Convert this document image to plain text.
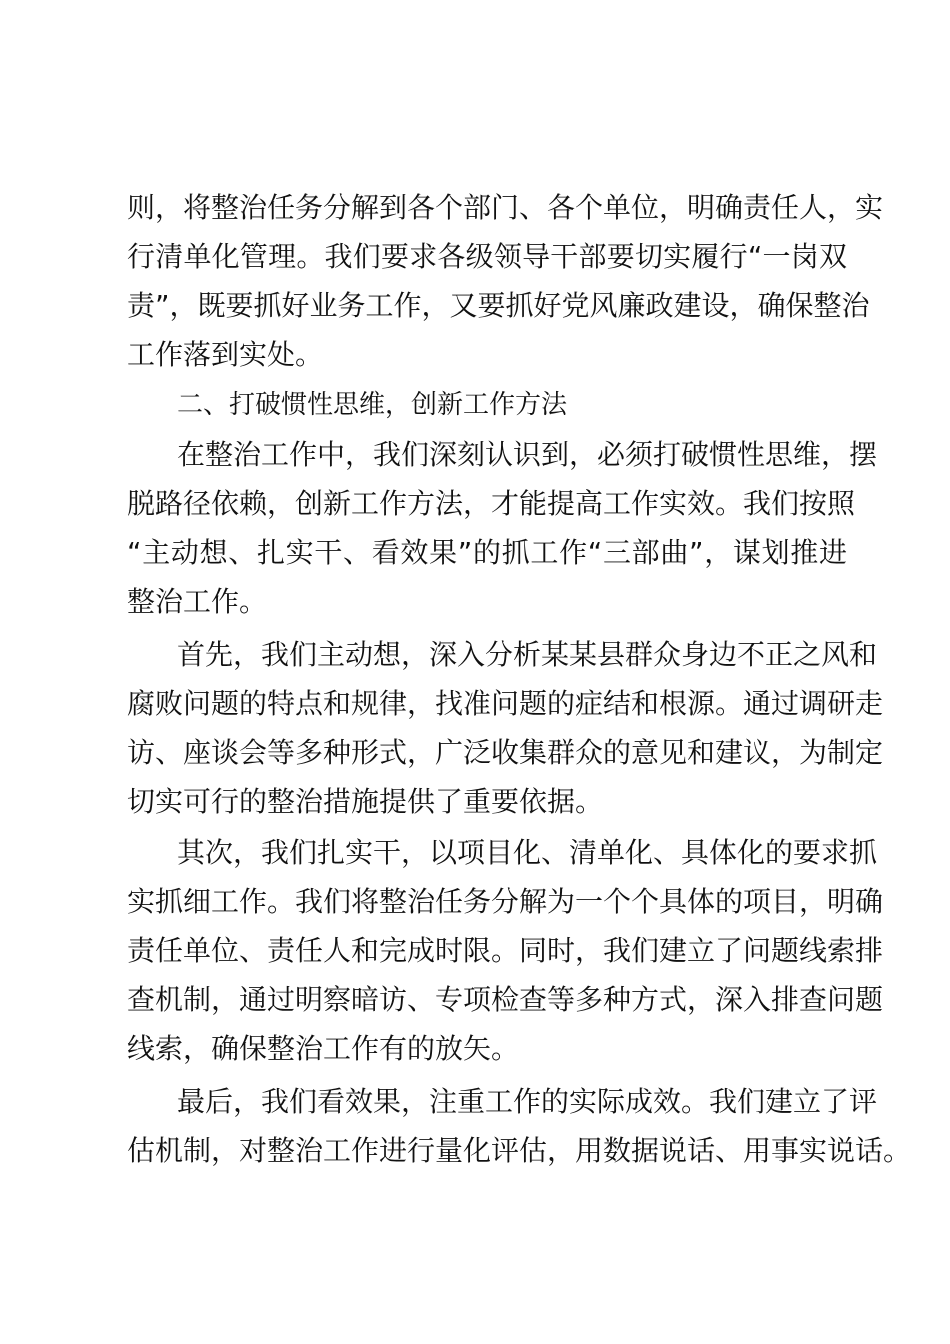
则，将整治任务分解到各个部门、各个单位，明确责任人，实
行清单化管理。我们要求各级领导干部要切实履行“一岗双
责”，既要抓好业务工作，又要抓好党风廉政建设，确保整治
工作落到实处。
二、打破惯性思维，创新工作方法
在整治工作中，我们深刻认识到，必须打破惯性思维，摆
脱路径依赖，创新工作方法，才能提高工作实效。我们按照
“主动想、扎实干、看效果”的抓工作“三部曲”，谋划推进
整治工作。
首先，我们主动想，深入分析某某县群众身边不正之风和
腐败问题的特点和规律，找准问题的症结和根源。通过调研走
访、座谈会等多种形式，广泛收集群众的意见和建议，为制定
切实可行的整治措施提供了重要依据。
其次，我们扎实干，以项目化、清单化、具体化的要求抓
实抓细工作。我们将整治任务分解为一个个具体的项目，明确
责任单位、责任人和完成时限。同时，我们建立了问题线索排
查机制，通过明察暗访、专项检查等多种方式，深入排查问题
线索，确保整治工作有的放矢。
最后，我们看效果，注重工作的实际成效。我们建立了评
估机制，对整治工作进行量化评估，用数据说话、用事实说话。
